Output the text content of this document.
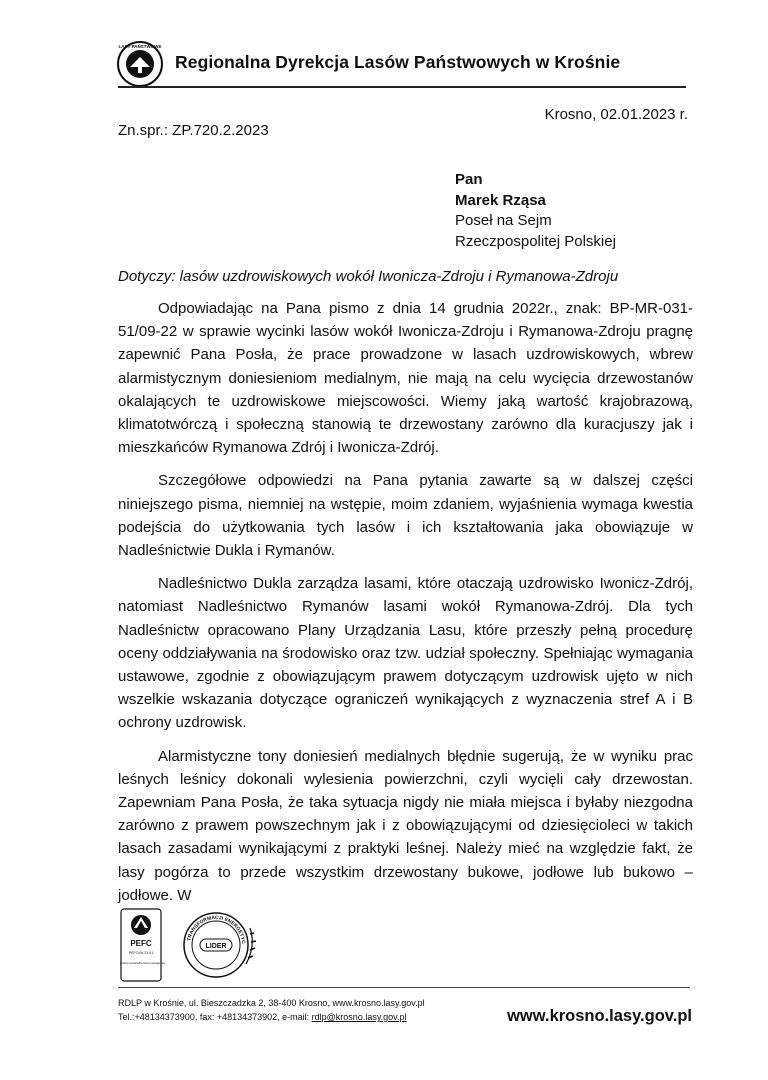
LASY PAŃSTWOWE
Regionalna Dyrekcja Lasów Państwowych w Krośnie
Krosno, 02.01.2023 r.
Zn.spr.: ZP.720.2.2023
Pan
Marek Rząsa
Poseł na Sejm
Rzeczpospolitej Polskiej
Dotyczy: lasów uzdrowiskowych wokół Iwonicza-Zdroju i Rymanowa-Zdroju

Odpowiadając na Pana pismo z dnia 14 grudnia 2022r., znak: BP-MR-031-51/09-22 w sprawie wycinki lasów wokół Iwonicza-Zdroju i Rymanowa-Zdroju pragnę zapewnić Pana Posła, że prace prowadzone w lasach uzdrowiskowych, wbrew alarmistycznym doniesieniom medialnym, nie mają na celu wycięcia drzewostanów okalających te uzdrowiskowe miejscowości. Wiemy jaką wartość krajobrazową, klimatotwórczą i społeczną stanowią te drzewostany zarówno dla kuracjuszy jak i mieszkańców Rymanowa Zdrój i Iwonicza-Zdrój.

Szczegółowe odpowiedzi na Pana pytania zawarte są w dalszej części niniejszego pisma, niemniej na wstępie, moim zdaniem, wyjaśnienia wymaga kwestia podejścia do użytkowania tych lasów i ich kształtowania jaka obowiązuje w Nadleśnictwie Dukla i Rymanów.

Nadleśnictwo Dukla zarządza lasami, które otaczają uzdrowisko Iwonicz-Zdrój, natomiast Nadleśnictwo Rymanów lasami wokół Rymanowa-Zdrój. Dla tych Nadleśnictw opracowano Plany Urządzania Lasu, które przeszły pełną procedurę oceny oddziaływania na środowisko oraz tzw. udział społeczny. Spełniając wymagania ustawowe, zgodnie z obowiązującym prawem dotyczącym uzdrowisk ujęto w nich wszelkie wskazania dotyczące ograniczeń wynikających z wyznaczenia stref A i B ochrony uzdrowisk.

Alarmistyczne tony doniesień medialnych błędnie sugerują, że w wyniku prac leśnych leśnicy dokonali wylesienia powierzchni, czyli wycięli cały drzewostan. Zapewniam Pana Posła, że taka sytuacja nigdy nie miała miejsca i byłaby niezgodna zarówno z prawem powszechnym jak i z obowiązującymi od dziesięcioleci w takich lasach zasadami wynikającymi z praktyki leśnej. Należy mieć na względzie fakt, że lasy pogórza to przede wszystkim drzewostany bukowe, jodłowe lub bukowo – jodłowe. W

PEFC
PEFC/09-21-01
Promoting sustainable forest management
TRANSFORMACJI ENERGETYC
LIDER
RDLP w Krośnie, ul. Bieszczadzka 2, 38-400 Krosno, www.krosno.lasy.gov.pl
Tel.:+48134373900, fax: +48134373902, e-mail: rdlp@krosno.lasy.gov.pl	www.krosno.lasy.gov.pl
